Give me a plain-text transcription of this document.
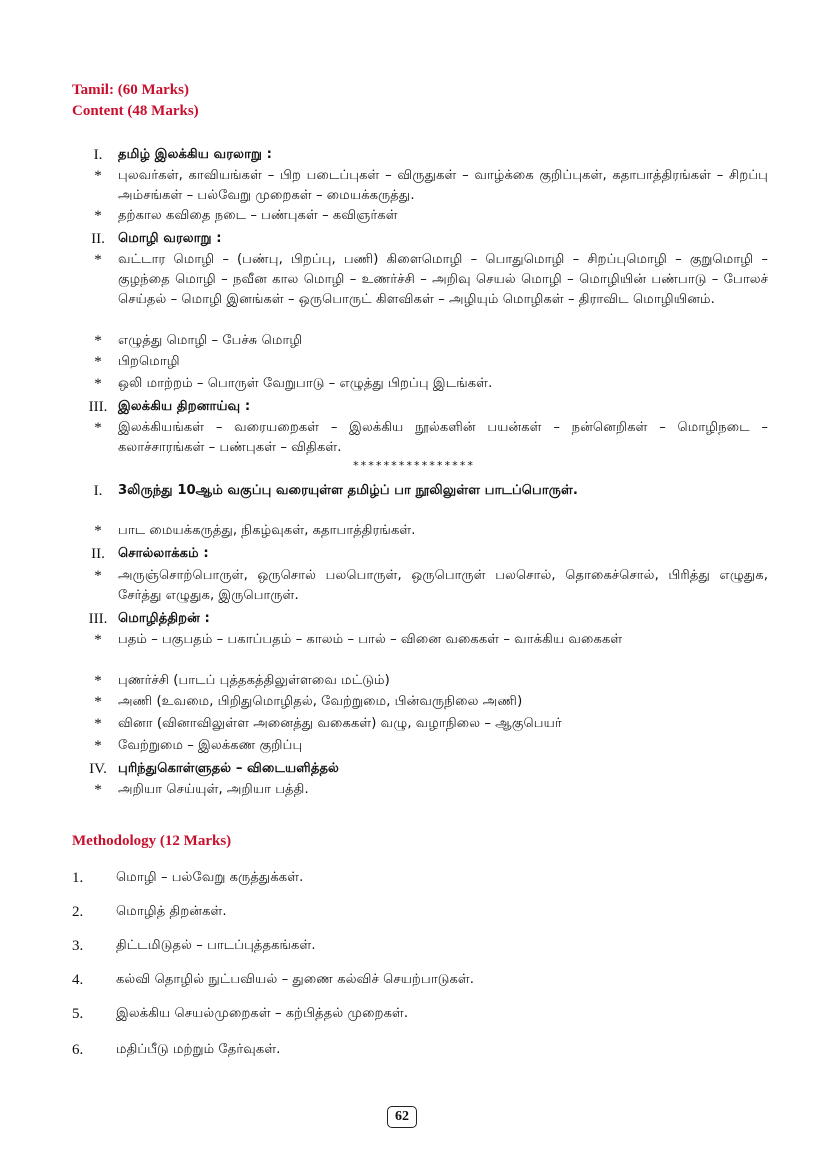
Tamil: (60 Marks)
Content (48 Marks)
I.	தமிழ் இலக்கிய வரலாறு :
*	புலவர்கள், காவியங்கள் – பிற படைப்புகள் – விருதுகள் – வாழ்க்கை குறிப்புகள், கதாபாத்திரங்கள் – சிறப்பு அம்சங்கள் – பல்வேறு முறைகள் – மையக்கருத்து.
*	தற்கால கவிதை நடை – பண்புகள் – கவிஞர்கள்
II. மொழி வரலாறு :
*	வட்டார மொழி – (பண்பு, பிறப்பு, பணி) கிளைமொழி – பொதுமொழி – சிறப்புமொழி – குறுமொழி – குழந்தை மொழி – நவீன கால மொழி – உணர்ச்சி – அறிவு செயல் மொழி – மொழியின் பண்பாடு – போலச் செய்தல் – மொழி இனங்கள் – ஒருபொருட் கிளவிகள் – அழியும் மொழிகள் – திராவிட மொழியினம்.
*	எழுத்து மொழி – பேச்சு மொழி
*	பிறமொழி
*	ஒலி மாற்றம் – பொருள் வேறுபாடு – எழுத்து பிறப்பு இடங்கள்.
III. இலக்கிய திறனாய்வு :
*	இலக்கியங்கள் – வரையறைகள் – இலக்கிய நூல்களின் பயன்கள் – நன்னெறிகள் – மொழிநடை – கலாச்சாரங்கள் – பண்புகள் – விதிகள்.
****************
I.	3லிருந்து 10ஆம் வகுப்பு வரையுள்ள தமிழ்ப் பா நூலிலுள்ள பாடப்பொருள்.
*	பாட மையக்கருத்து, நிகழ்வுகள், கதாபாத்திரங்கள்.
II. சொல்லாக்கம் :
*	அருஞ்சொற்பொருள், ஒருசொல் பலபொருள், ஒருபொருள் பலசொல், தொகைச்சொல், பிரித்து எழுதுக, சேர்த்து எழுதுக, இருபொருள்.
III. மொழித்திறன் :
*	பதம் – பகுபதம் – பகாப்பதம் – காலம் – பால் – வினை வகைகள் – வாக்கிய வகைகள்
*	புணர்ச்சி (பாடப் புத்தகத்திலுள்ளவை மட்டும்)
*	அணி (உவமை, பிறிதுமொழிதல், வேற்றுமை, பின்வருநிலை அணி)
*	வினா (வினாவிலுள்ள அனைத்து வகைகள்) வழு, வழாநிலை – ஆகுபெயர்
*	வேற்றுமை – இலக்கண குறிப்பு
IV. புரிந்துகொள்ளுதல் – விடையளித்தல்
*	அறியா செய்யுள், அறியா பத்தி.
Methodology (12 Marks)
1.	மொழி – பல்வேறு கருத்துக்கள்.
2.	மொழித் திறன்கள்.
3.	திட்டமிடுதல் – பாடப்புத்தகங்கள்.
4.	கல்வி தொழில் நுட்பவியல் – துணை கல்விச் செயற்பாடுகள்.
5.	இலக்கிய செயல்முறைகள் – கற்பித்தல் முறைகள்.
6.	மதிப்பீடு மற்றும் தேர்வுகள்.
62
